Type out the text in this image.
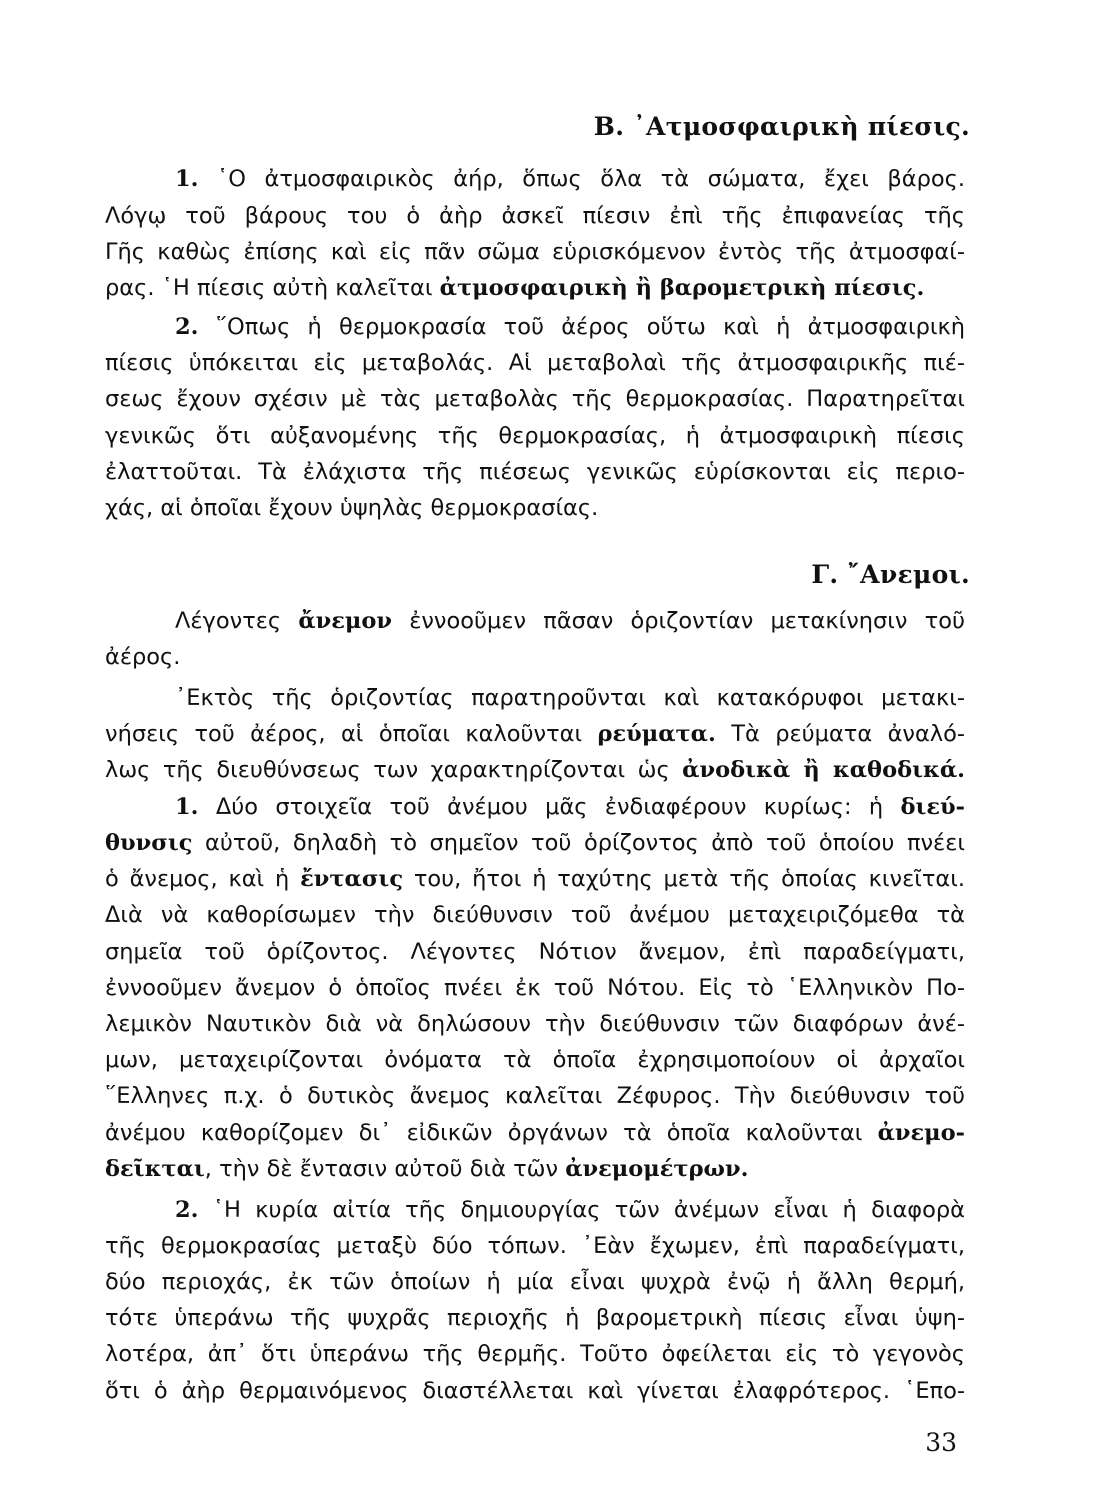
Β. ᾿Ατμοσφαιρικὴ πίεσις.
1. ῾Ο ἀτμοσφαιρικὸς ἀήρ, ὅπως ὅλα τὰ σώματα, ἔχει βάρος.
Λόγῳ τοῦ βάρους του ὁ ἀὴρ ἀσκεῖ πίεσιν ἐπὶ τῆς ἐπιφανείας τῆς
Γῆς καθὼς ἐπίσης καὶ εἰς πᾶν σῶμα εὑρισκόμενον ἐντὸς τῆς ἀτμοσφαί-
ρας. ῾Η πίεσις αὐτὴ καλεῖται ἀτμοσφαιρικὴ ἢ βαρομετρικὴ πίεσις.
2. ῞Οπως ἡ θερμοκρασία τοῦ ἀέρος οὕτω καὶ ἡ ἀτμοσφαιρικὴ
πίεσις ὑπόκειται εἰς μεταβολάς. Αἱ μεταβολαὶ τῆς ἀτμοσφαιρικῆς πιέ-
σεως ἔχουν σχέσιν μὲ τὰς μεταβολὰς τῆς θερμοκρασίας. Παρατηρεῖται
γενικῶς ὅτι αὐξανομένης τῆς θερμοκρασίας, ἡ ἀτμοσφαιρικὴ πίεσις
ἐλαττοῦται. Τὰ ἐλάχιστα τῆς πιέσεως γενικῶς εὑρίσκονται εἰς περιο-
χάς, αἱ ὁποῖαι ἔχουν ὑψηλὰς θερμοκρασίας.
Γ. ῎Ανεμοι.
Λέγοντες ἄνεμον ἐννοοῦμεν πᾶσαν ὁριζοντίαν μετακίνησιν τοῦ
ἀέρος.
᾿Εκτὸς τῆς ὁριζοντίας παρατηροῦνται καὶ κατακόρυφοι μετακι-
νήσεις τοῦ ἀέρος, αἱ ὁποῖαι καλοῦνται ρεύματα. Τὰ ρεύματα ἀναλό-
λως τῆς διευθύνσεως των χαρακτηρίζονται ὡς ἀνοδικὰ ἢ καθοδικά.
1. Δύο στοιχεῖα τοῦ ἀνέμου μᾶς ἐνδιαφέρουν κυρίως: ἡ διεύ-
θυνσις αὐτοῦ, δηλαδὴ τὸ σημεῖον τοῦ ὁρίζοντος ἀπὸ τοῦ ὁποίου πνέει
ὁ ἄνεμος, καὶ ἡ ἔντασις του, ἤτοι ἡ ταχύτης μετὰ τῆς ὁποίας κινεῖται.
Διὰ νὰ καθορίσωμεν τὴν διεύθυνσιν τοῦ ἀνέμου μεταχειριζόμεθα τὰ
σημεῖα τοῦ ὁρίζοντος. Λέγοντες Νότιον ἄνεμον, ἐπὶ παραδείγματι,
ἐννοοῦμεν ἄνεμον ὁ ὁποῖος πνέει ἐκ τοῦ Νότου. Εἰς τὸ ῾Ελληνικὸν Πο-
λεμικὸν Ναυτικὸν διὰ νὰ δηλώσουν τὴν διεύθυνσιν τῶν διαφόρων ἀνέ-
μων, μεταχειρίζονται ὀνόματα τὰ ὁποῖα ἐχρησιμοποίουν οἱ ἀρχαῖοι
῞Ελληνες π.χ. ὁ δυτικὸς ἄνεμος καλεῖται Ζέφυρος. Τὴν διεύθυνσιν τοῦ
ἀνέμου καθορίζομεν δι᾿ εἰδικῶν ὀργάνων τὰ ὁποῖα καλοῦνται ἀνεμο-
δεῖκται, τὴν δὲ ἔντασιν αὐτοῦ διὰ τῶν ἀνεμομέτρων.
2. ῾Η κυρία αἰτία τῆς δημιουργίας τῶν ἀνέμων εἶναι ἡ διαφορὰ
τῆς θερμοκρασίας μεταξὺ δύο τόπων. ᾿Εὰν ἔχωμεν, ἐπὶ παραδείγματι,
δύο περιοχάς, ἐκ τῶν ὁποίων ἡ μία εἶναι ψυχρὰ ἐνῷ ἡ ἄλλη θερμή,
τότε ὑπεράνω τῆς ψυχρᾶς περιοχῆς ἡ βαρομετρικὴ πίεσις εἶναι ὑψη-
λοτέρα, ἀπ᾿ ὅτι ὑπεράνω τῆς θερμῆς. Τοῦτο ὀφείλεται εἰς τὸ γεγονὸς
ὅτι ὁ ἀὴρ θερμαινόμενος διαστέλλεται καὶ γίνεται ἐλαφρότερος. ῾Επο-
33
